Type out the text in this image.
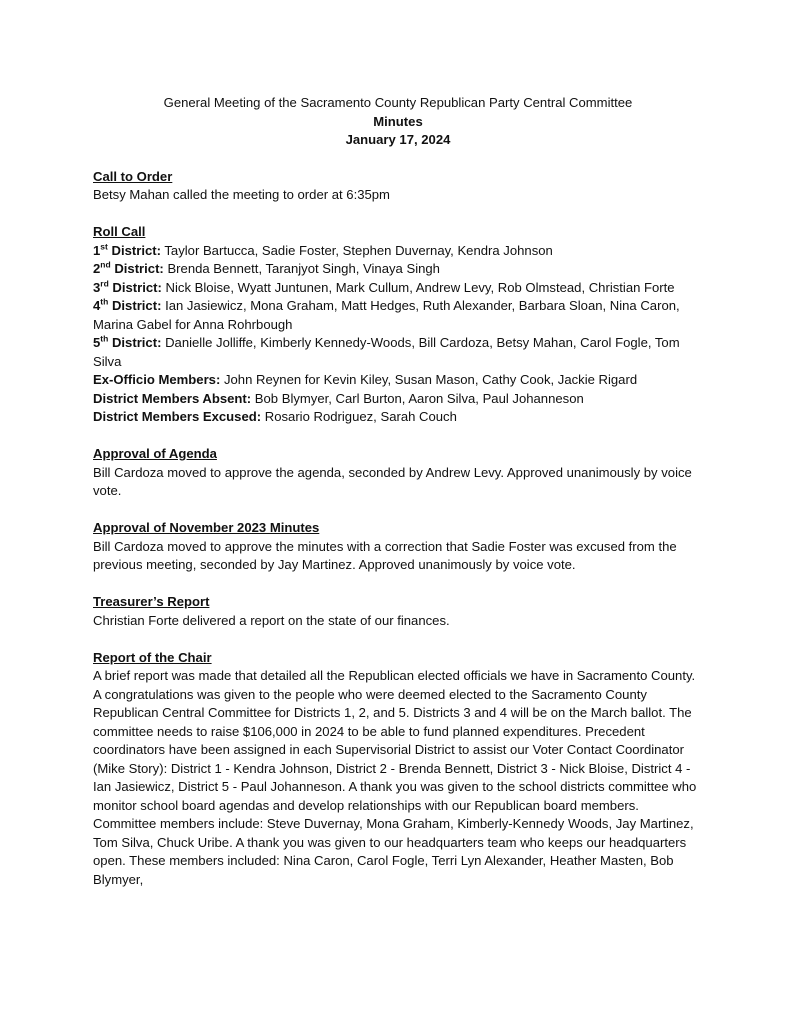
General Meeting of the Sacramento County Republican Party Central Committee
Minutes
January 17, 2024
Call to Order
Betsy Mahan called the meeting to order at 6:35pm
Roll Call
1st District: Taylor Bartucca, Sadie Foster, Stephen Duvernay, Kendra Johnson
2nd District: Brenda Bennett, Taranjyot Singh, Vinaya Singh
3rd District: Nick Bloise, Wyatt Juntunen, Mark Cullum, Andrew Levy, Rob Olmstead, Christian Forte
4th District: Ian Jasiewicz, Mona Graham, Matt Hedges, Ruth Alexander, Barbara Sloan, Nina Caron, Marina Gabel for Anna Rohrbough
5th District: Danielle Jolliffe, Kimberly Kennedy-Woods, Bill Cardoza, Betsy Mahan, Carol Fogle, Tom Silva
Ex-Officio Members: John Reynen for Kevin Kiley, Susan Mason, Cathy Cook, Jackie Rigard
District Members Absent: Bob Blymyer, Carl Burton, Aaron Silva, Paul Johanneson
District Members Excused: Rosario Rodriguez, Sarah Couch
Approval of Agenda
Bill Cardoza moved to approve the agenda, seconded by Andrew Levy. Approved unanimously by voice vote.
Approval of November 2023 Minutes
Bill Cardoza moved to approve the minutes with a correction that Sadie Foster was excused from the previous meeting, seconded by Jay Martinez. Approved unanimously by voice vote.
Treasurer’s Report
Christian Forte delivered a report on the state of our finances.
Report of the Chair
A brief report was made that detailed all the Republican elected officials we have in Sacramento County. A congratulations was given to the people who were deemed elected to the Sacramento County Republican Central Committee for Districts 1, 2, and 5. Districts 3 and 4 will be on the March ballot. The committee needs to raise $106,000 in 2024 to be able to fund planned expenditures. Precedent coordinators have been assigned in each Supervisorial District to assist our Voter Contact Coordinator (Mike Story): District 1 - Kendra Johnson, District 2 - Brenda Bennett, District 3 - Nick Bloise, District 4 - Ian Jasiewicz, District 5 - Paul Johanneson. A thank you was given to the school districts committee who monitor school board agendas and develop relationships with our Republican board members. Committee members include: Steve Duvernay, Mona Graham, Kimberly-Kennedy Woods, Jay Martinez, Tom Silva, Chuck Uribe. A thank you was given to our headquarters team who keeps our headquarters open. These members included: Nina Caron, Carol Fogle, Terri Lyn Alexander, Heather Masten, Bob Blymyer,
